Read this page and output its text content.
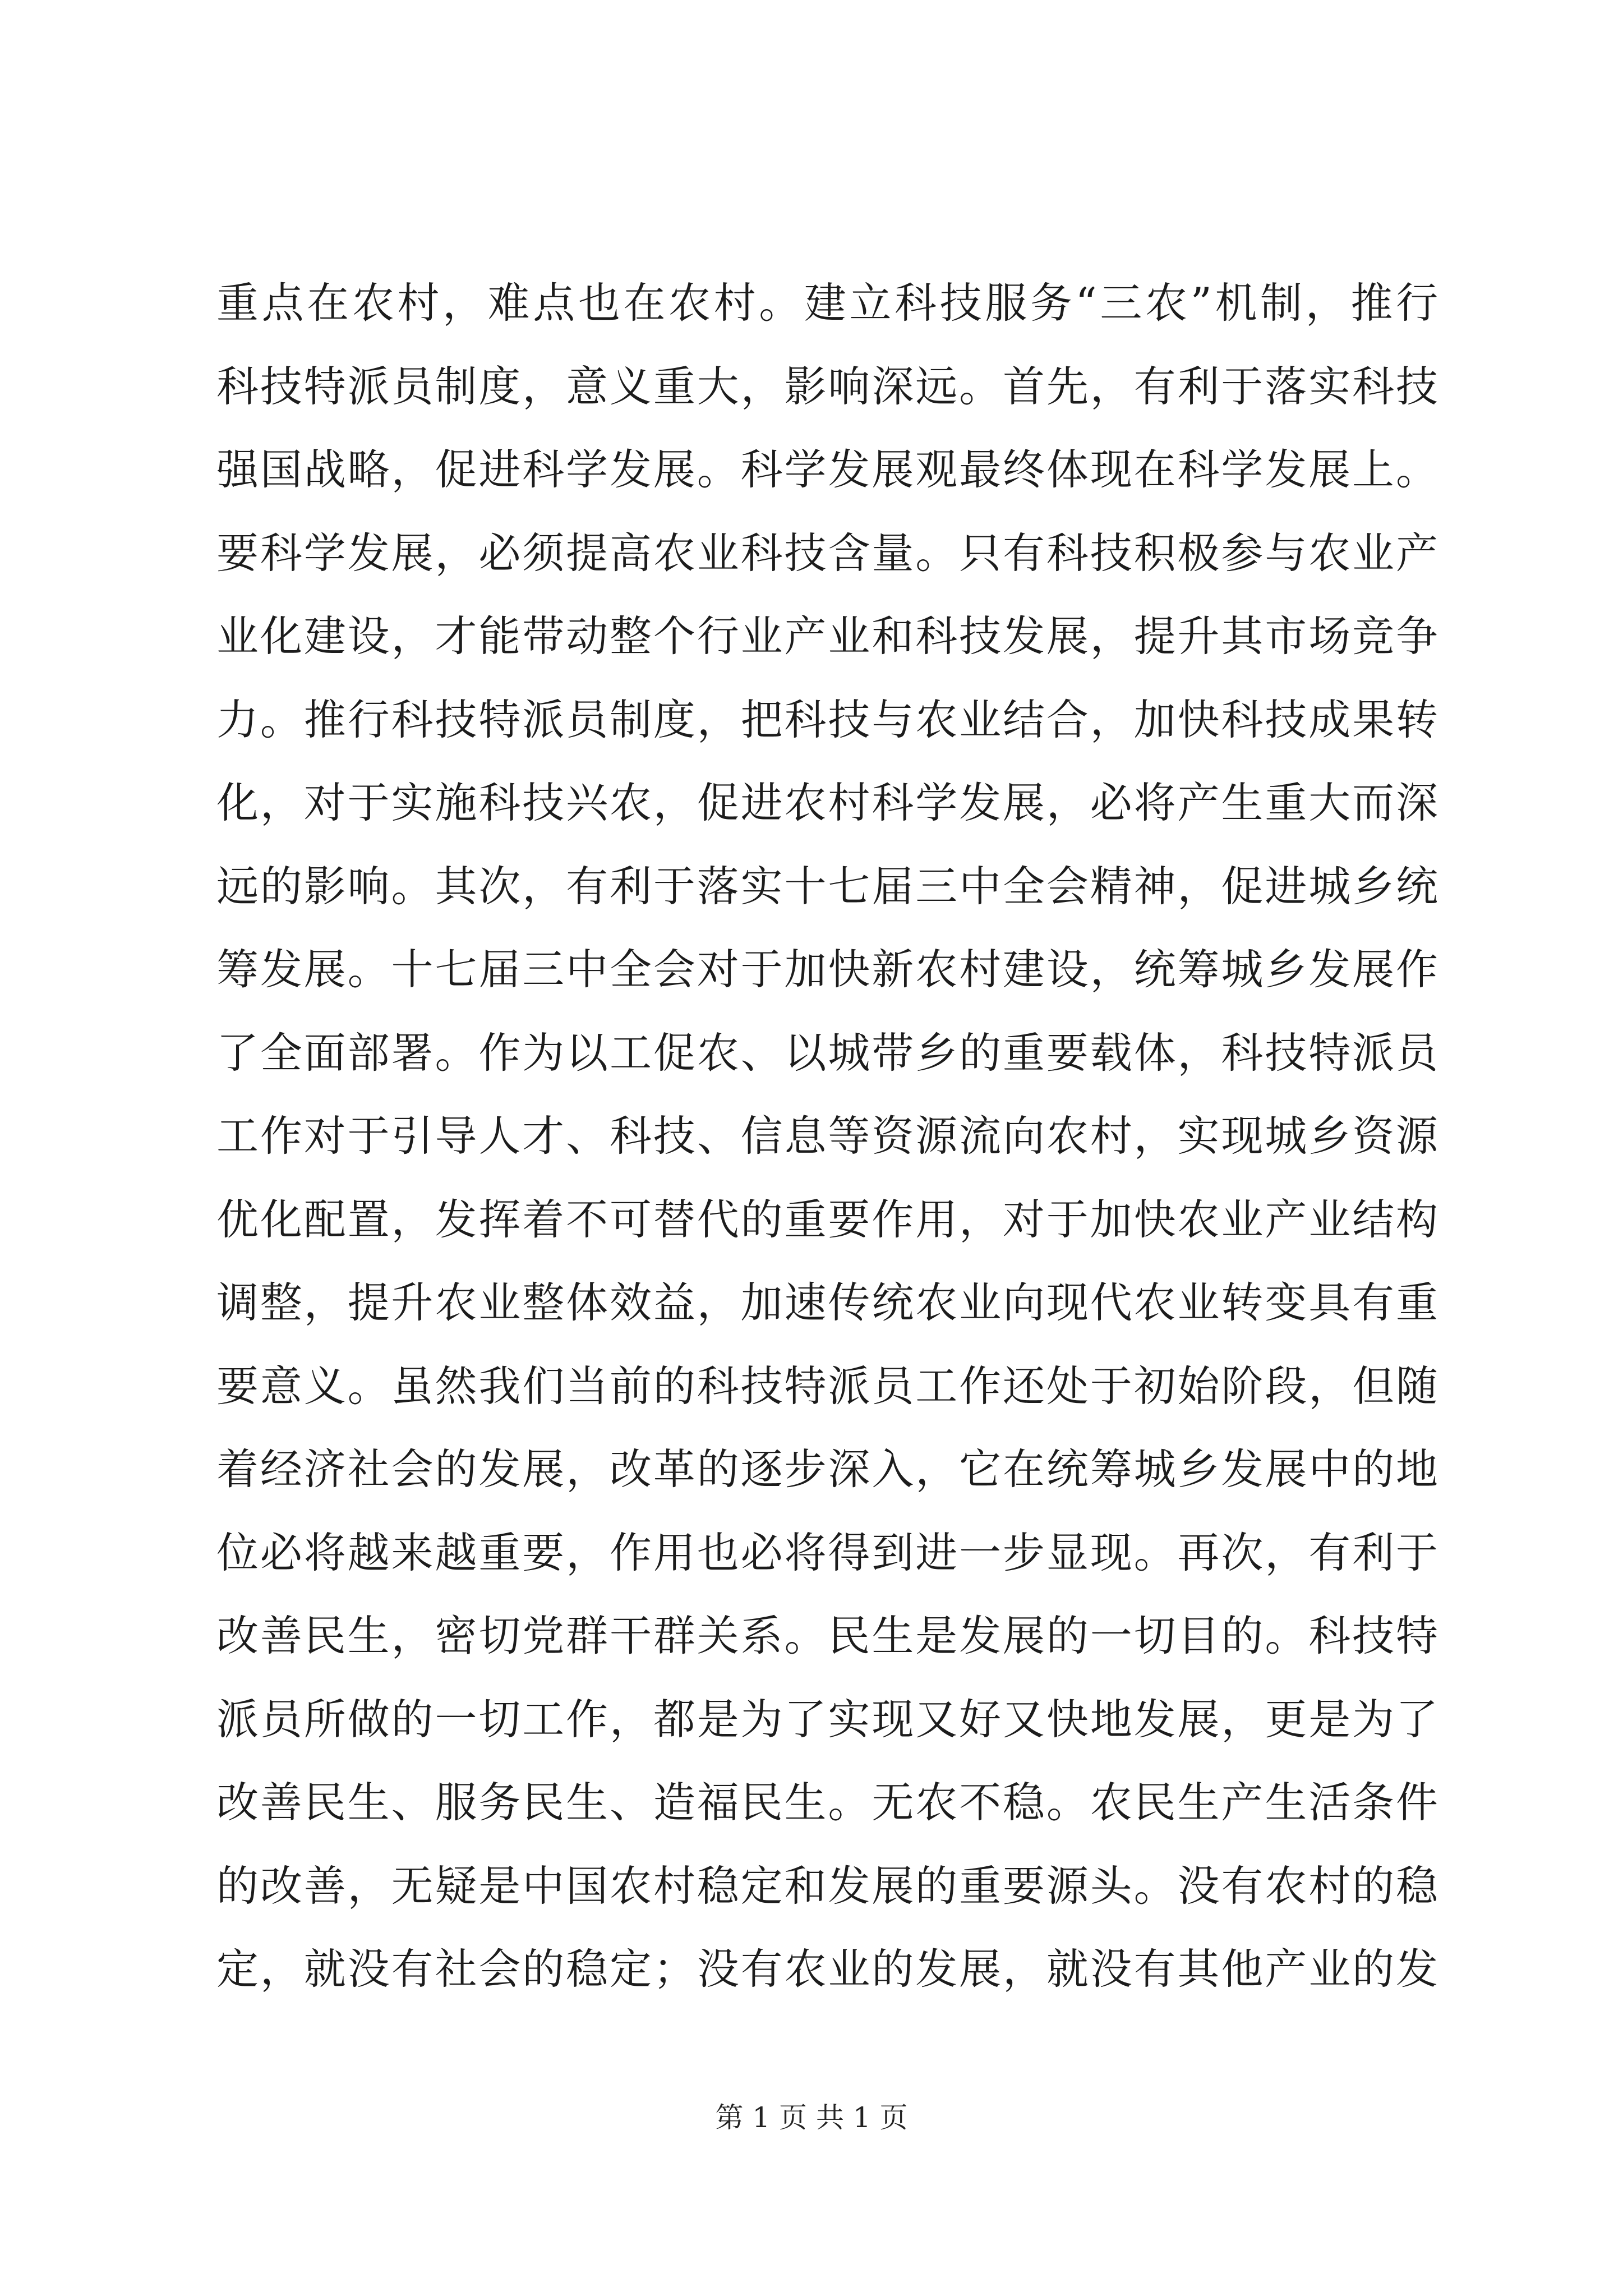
重点在农村，难点也在农村。建立科技服务“三农”机制，推行
科技特派员制度，意义重大，影响深远。首先，有利于落实科技
强国战略，促进科学发展。科学发展观最终体现在科学发展上。
要科学发展，必须提高农业科技含量。只有科技积极参与农业产
业化建设，才能带动整个行业产业和科技发展，提升其市场竞争
力。推行科技特派员制度，把科技与农业结合，加快科技成果转
化，对于实施科技兴农，促进农村科学发展，必将产生重大而深
远的影响。其次，有利于落实十七届三中全会精神，促进城乡统
筹发展。十七届三中全会对于加快新农村建设，统筹城乡发展作
了全面部署。作为以工促农、以城带乡的重要载体，科技特派员
工作对于引导人才、科技、信息等资源流向农村，实现城乡资源
优化配置，发挥着不可替代的重要作用，对于加快农业产业结构
调整，提升农业整体效益，加速传统农业向现代农业转变具有重
要意义。虽然我们当前的科技特派员工作还处于初始阶段，但随
着经济社会的发展，改革的逐步深入，它在统筹城乡发展中的地
位必将越来越重要，作用也必将得到进一步显现。再次，有利于
改善民生，密切党群干群关系。民生是发展的一切目的。科技特
派员所做的一切工作，都是为了实现又好又快地发展，更是为了
改善民生、服务民生、造福民生。无农不稳。农民生产生活条件
的改善，无疑是中国农村稳定和发展的重要源头。没有农村的稳
定，就没有社会的稳定；没有农业的发展，就没有其他产业的发
第 1 页 共 1 页
